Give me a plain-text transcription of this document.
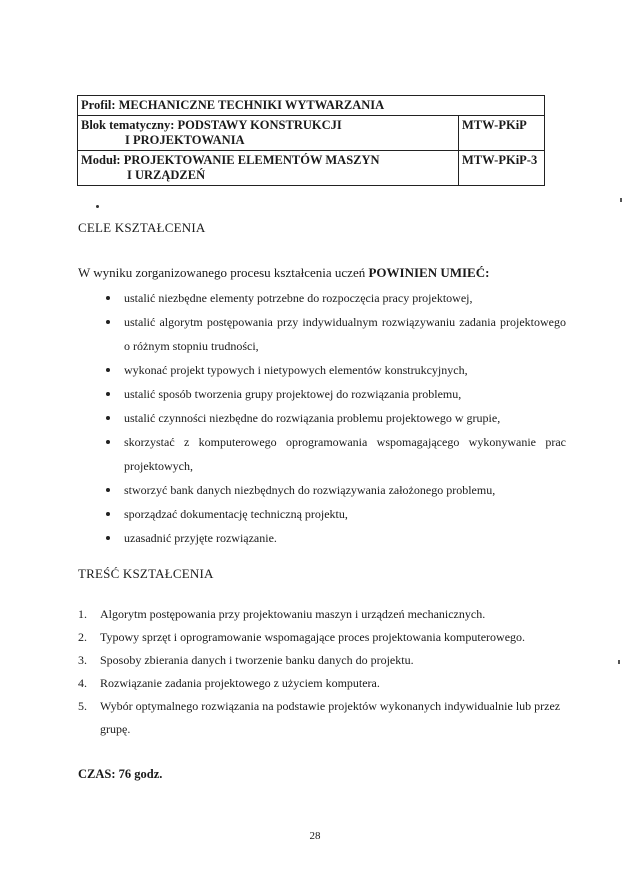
Profil: MECHANICZNE TECHNIKI WYTWARZANIA	
Blok tematyczny: PODSTAWY KONSTRUKCJI
I PROJEKTOWANIA	MTW-PKiP
Moduł: PROJEKTOWANIE ELEMENTÓW MASZYN
I URZĄDZEŃ	MTW-PKiP-3
CELE KSZTAŁCENIA
W wyniku zorganizowanego procesu kształcenia uczeń POWINIEN UMIEĆ:
ustalić niezbędne elementy potrzebne do rozpoczęcia pracy projektowej,
ustalić algorytm postępowania przy indywidualnym rozwiązywaniu zadania projektowego o różnym stopniu trudności,
wykonać projekt typowych i nietypowych elementów konstrukcyjnych,
ustalić sposób tworzenia grupy projektowej do rozwiązania problemu,
ustalić czynności niezbędne do rozwiązania problemu projektowego w grupie,
skorzystać z komputerowego oprogramowania wspomagającego wykonywanie prac projektowych,
stworzyć bank danych niezbędnych do rozwiązywania założonego problemu,
sporządzać dokumentację techniczną projektu,
uzasadnić przyjęte rozwiązanie.
TREŚĆ KSZTAŁCENIA
1. Algorytm postępowania przy projektowaniu maszyn i urządzeń mechanicznych.
2. Typowy sprzęt i oprogramowanie wspomagające proces projektowania komputerowego.
3. Sposoby zbierania danych i tworzenie banku danych do projektu.
4. Rozwiązanie zadania projektowego z użyciem komputera.
5. Wybór optymalnego rozwiązania na podstawie projektów wykonanych indywidualnie lub przez grupę.
CZAS: 76 godz.
28
